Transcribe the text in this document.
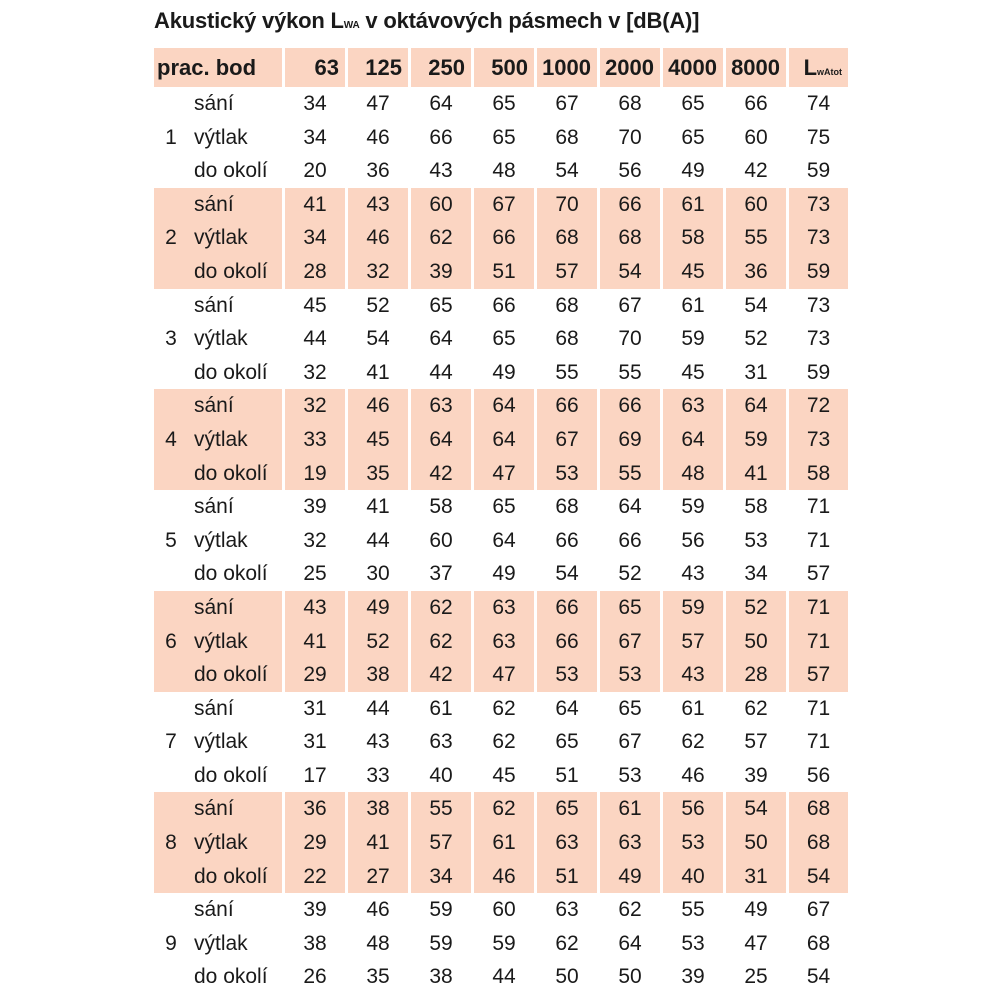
Akustický výkon LWA v oktávových pásmech v [dB(A)]
prac. bod		63	125	250	500	1000	2000	4000	8000	LwAtot
	sání	34	47	64	65	67	68	65	66	74
1	výtlak	34	46	66	65	68	70	65	60	75
	do okolí	20	36	43	48	54	56	49	42	59
	sání	41	43	60	67	70	66	61	60	73
2	výtlak	34	46	62	66	68	68	58	55	73
	do okolí	28	32	39	51	57	54	45	36	59
	sání	45	52	65	66	68	67	61	54	73
3	výtlak	44	54	64	65	68	70	59	52	73
	do okolí	32	41	44	49	55	55	45	31	59
	sání	32	46	63	64	66	66	63	64	72
4	výtlak	33	45	64	64	67	69	64	59	73
	do okolí	19	35	42	47	53	55	48	41	58
	sání	39	41	58	65	68	64	59	58	71
5	výtlak	32	44	60	64	66	66	56	53	71
	do okolí	25	30	37	49	54	52	43	34	57
	sání	43	49	62	63	66	65	59	52	71
6	výtlak	41	52	62	63	66	67	57	50	71
	do okolí	29	38	42	47	53	53	43	28	57
	sání	31	44	61	62	64	65	61	62	71
7	výtlak	31	43	63	62	65	67	62	57	71
	do okolí	17	33	40	45	51	53	46	39	56
	sání	36	38	55	62	65	61	56	54	68
8	výtlak	29	41	57	61	63	63	53	50	68
	do okolí	22	27	34	46	51	49	40	31	54
	sání	39	46	59	60	63	62	55	49	67
9	výtlak	38	48	59	59	62	64	53	47	68
	do okolí	26	35	38	44	50	50	39	25	54
